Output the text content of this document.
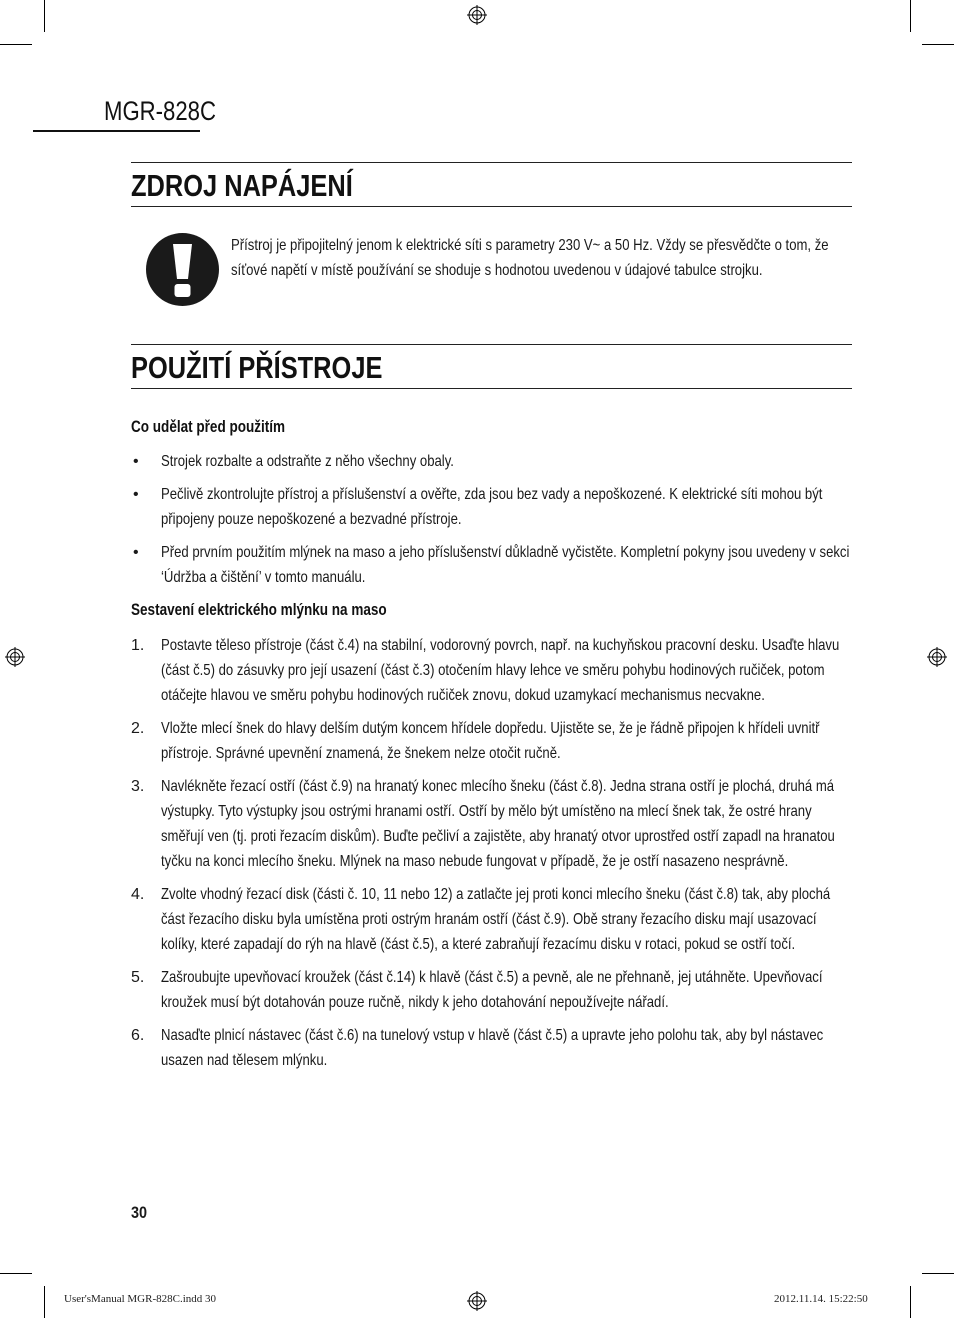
MGR-828C
ZDROJ NAPÁJENÍ

Přístroj je připojitelný jenom k elektrické síti s parametry 230 V~ a 50 Hz. Vždy se přesvědčte o tom, že síťové napětí v místě používání se shoduje s hodnotou uvedenou v údajové tabulce strojku.

POUŽITÍ PŘÍSTROJE
Co udělat před použitím
•	Strojek rozbalte a odstraňte z něho všechny obaly.
•	Pečlivě zkontrolujte přístroj a příslušenství a ověřte, zda jsou bez vady a nepoškozené. K elektrické síti mohou být připojeny pouze nepoškozené a bezvadné přístroje.
•	Před prvním použitím mlýnek na maso a jeho příslušenství důkladně vyčistěte. Kompletní pokyny jsou uvedeny v sekci ‘Údržba a čištění’ v tomto manuálu.
Sestavení elektrického mlýnku na maso
1.	Postavte těleso přístroje (část č.4) na stabilní, vodorovný povrch, např. na kuchyňskou pracovní desku. Usaďte hlavu (část č.5) do zásuvky pro její usazení (část č.3) otočením hlavy lehce ve směru pohybu hodinových ručiček, potom otáčejte hlavou ve směru pohybu hodinových ručiček znovu, dokud uzamykací mechanismus necvakne.
2.	Vložte mlecí šnek do hlavy delším dutým koncem hřídele dopředu. Ujistěte se, že je řádně připojen k hřídeli uvnitř přístroje. Správné upevnění znamená, že šnekem nelze otočit ručně.
3.	Navlékněte řezací ostří (část č.9) na hranatý konec mlecího šneku (část č.8). Jedna strana ostří je plochá, druhá má výstupky. Tyto výstupky jsou ostrými hranami ostří. Ostří by mělo být umístěno na mlecí šnek tak, že ostré hrany směřují ven (tj. proti řezacím diskům). Buďte pečliví a zajistěte, aby hranatý otvor uprostřed ostří zapadl na hranatou tyčku na konci mlecího šneku. Mlýnek na maso nebude fungovat v případě, že je ostří nasazeno nesprávně.
4.	Zvolte vhodný řezací disk (části č. 10, 11 nebo 12) a zatlačte jej proti konci mlecího šneku (část č.8) tak, aby plochá část řezacího disku byla umístěna proti ostrým hranám ostří (část č.9). Obě strany řezacího disku mají usazovací kolíky, které zapadají do rýh na hlavě (část č.5), a které zabraňují řezacímu disku v rotaci, pokud se ostří točí.
5.	Zašroubujte upevňovací kroužek (část č.14) k hlavě (část č.5) a pevně, ale ne přehnaně, jej utáhněte. Upevňovací kroužek musí být dotahován pouze ručně, nikdy k jeho dotahování nepoužívejte nářadí.
6.	Nasaďte plnicí nástavec (část č.6) na tunelový vstup v hlavě (část č.5) a upravte jeho polohu tak, aby byl nástavec usazen nad tělesem mlýnku.
30
User'sManual MGR-828C.indd 30	2012.11.14. 15:22:50
